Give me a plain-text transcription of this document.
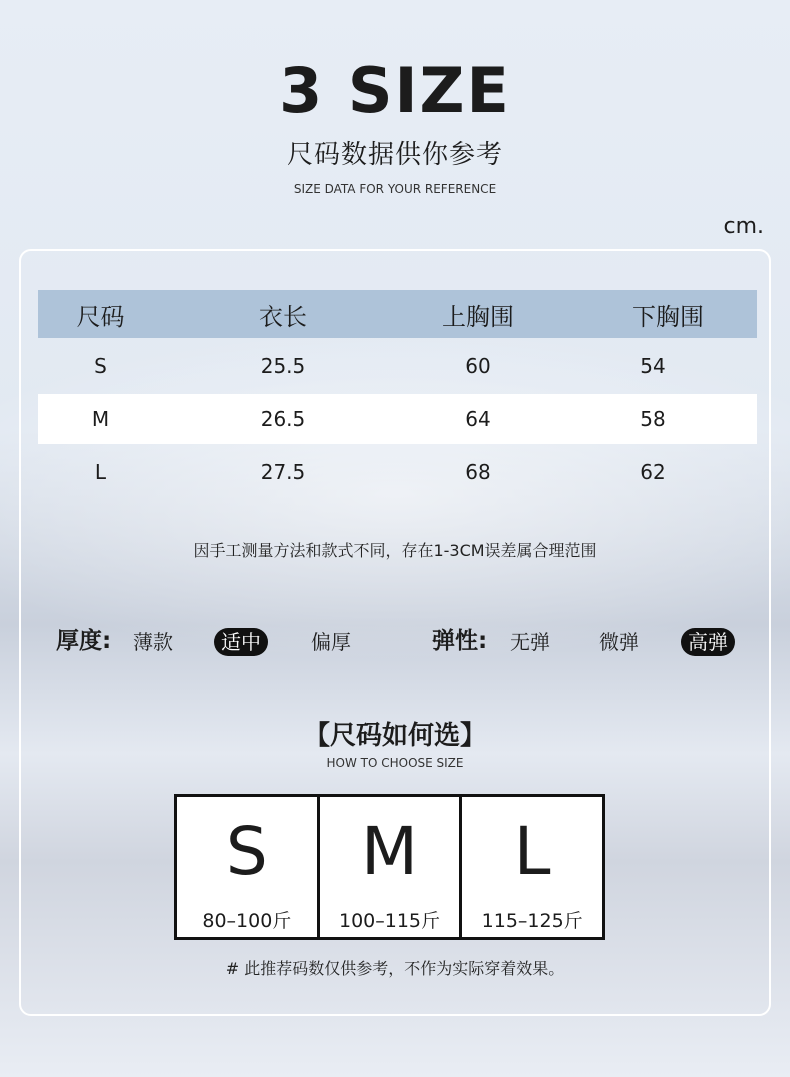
3 SIZE
尺码数据供你参考
SIZE DATA FOR YOUR REFERENCE
cm.
尺码	衣长	上胸围	下胸围
S	25.5	60	54
M	26.5	64	58
L	27.5	68	62
因手工测量方法和款式不同，存在1-3CM误差属合理范围
厚度: 薄款	适中	偏厚	弹性: 无弹 微弹	高弹
【尺码如何选】
HOW TO CHOOSE SIZE
S
80–100斤
M
100–115斤
L
115–125斤
# 此推荐码数仅供参考，不作为实际穿着效果。
